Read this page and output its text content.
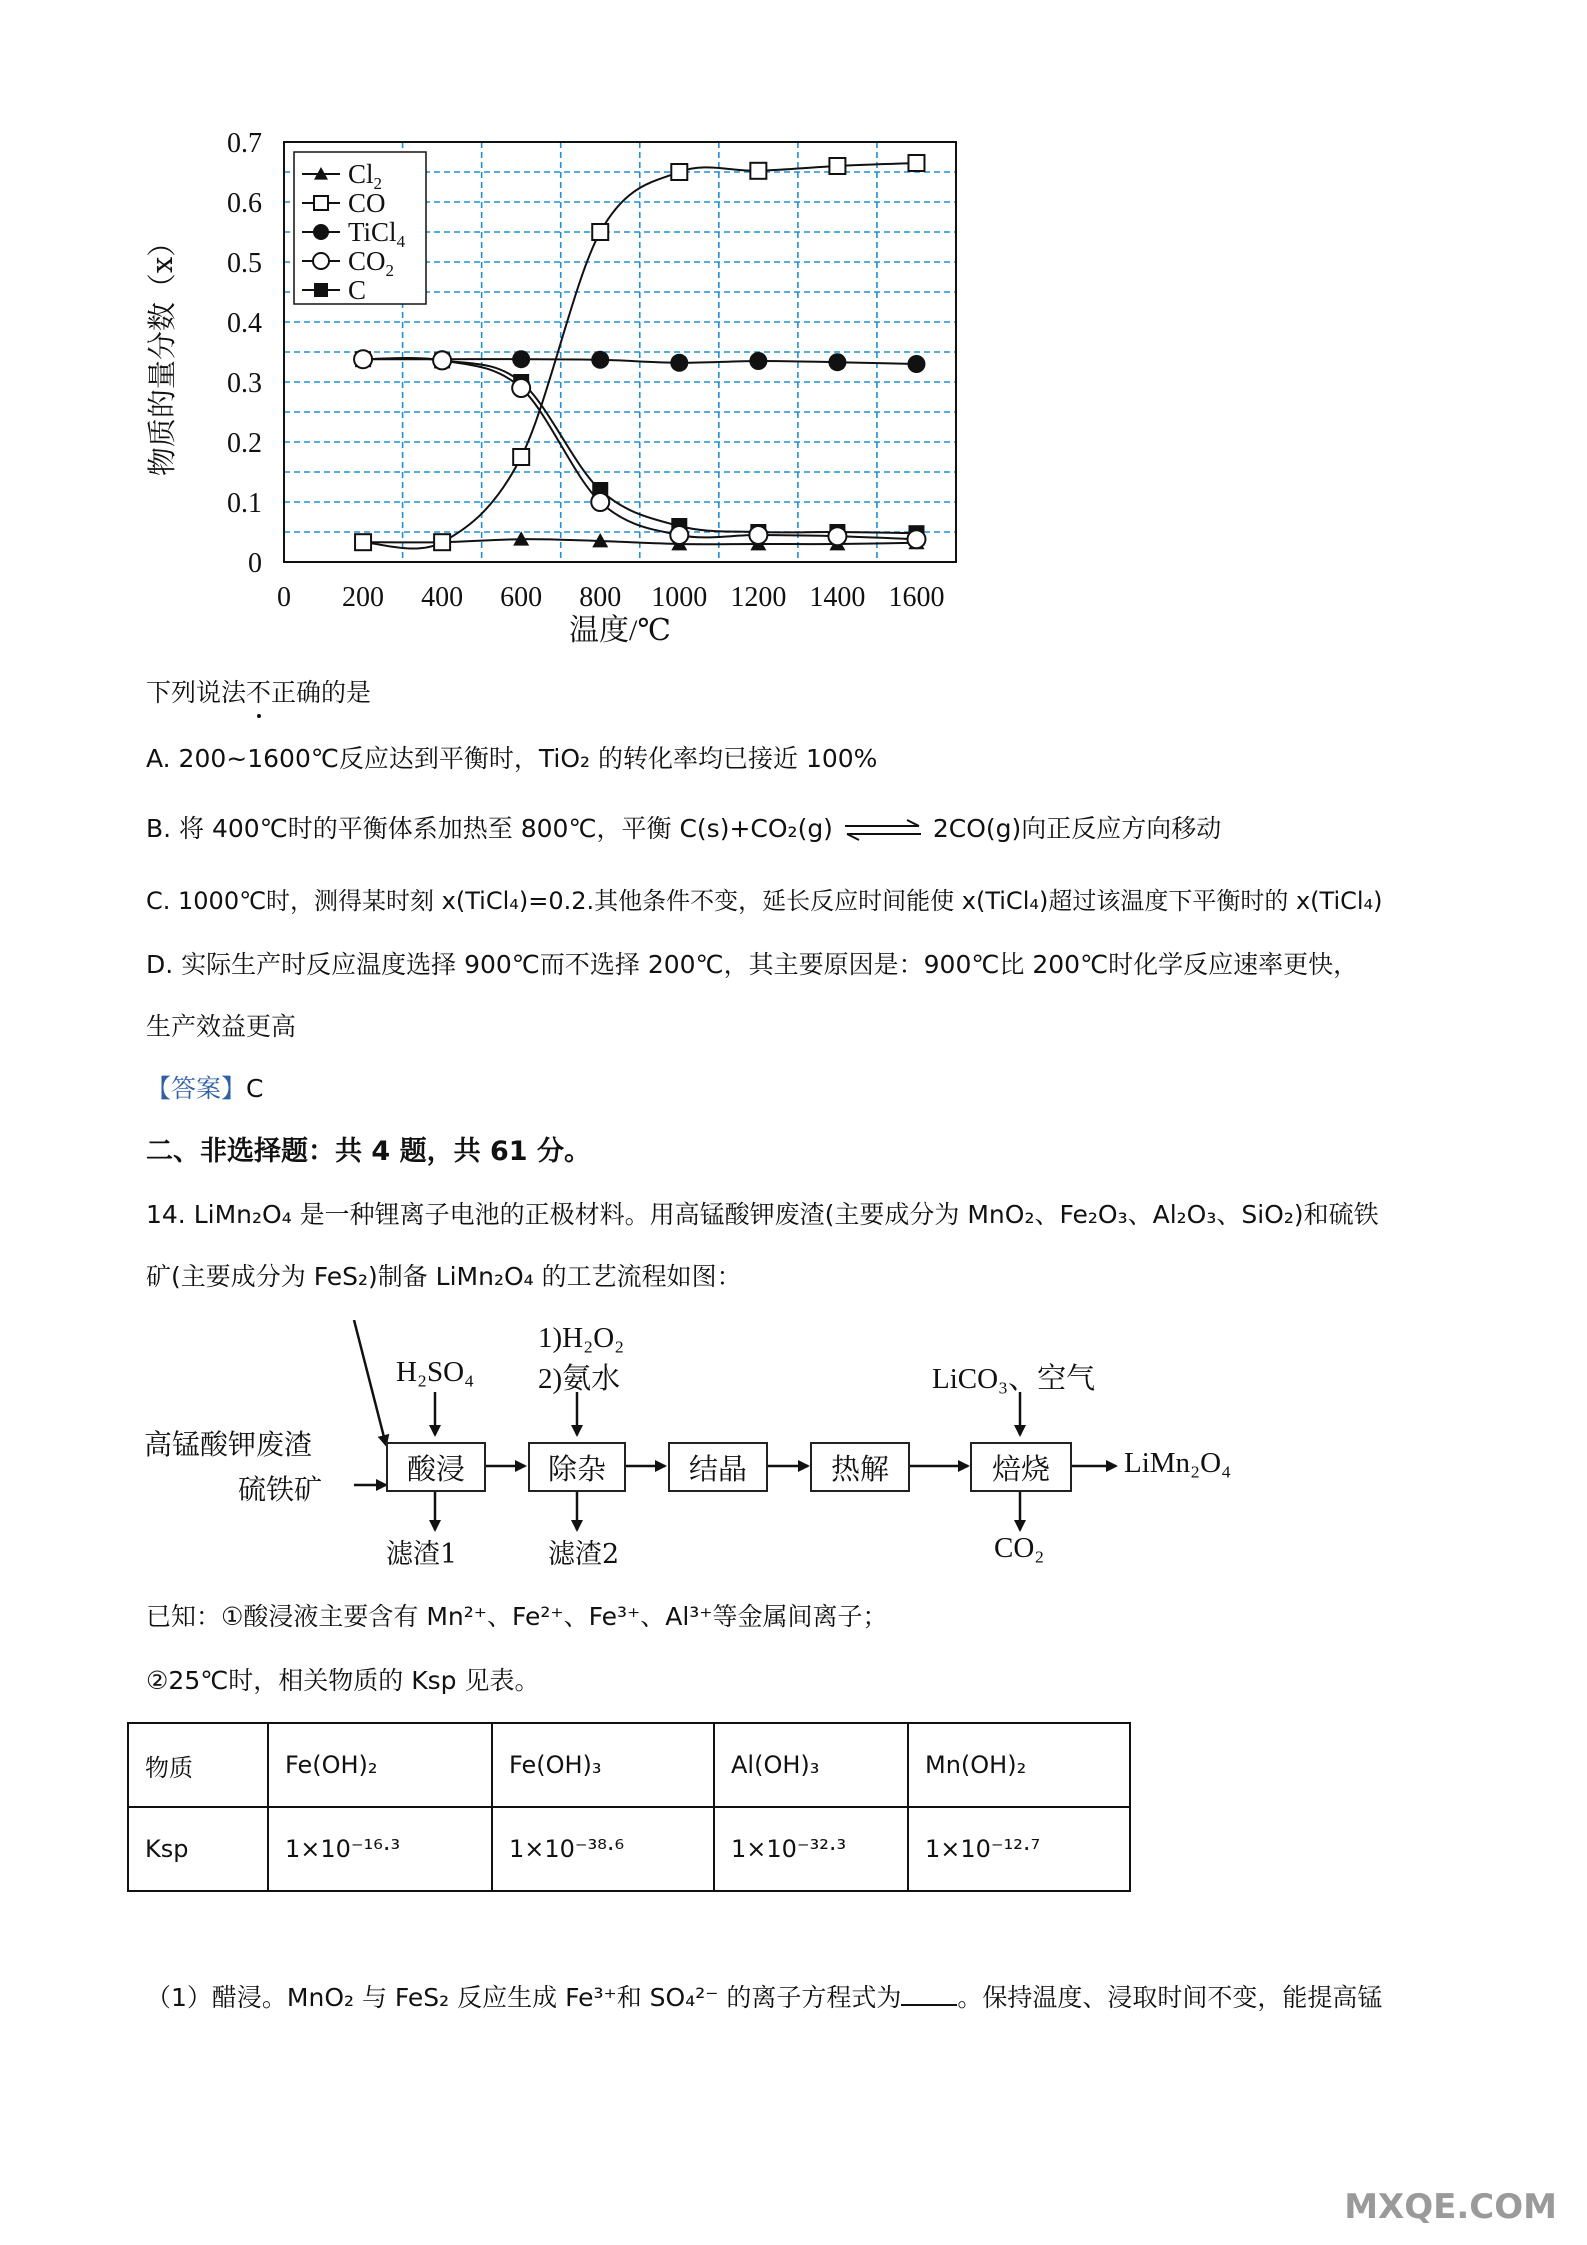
0 200 400 600 800 1000 1200 1400 1600
0
0.1
0.2
0.3
0.4
0.5
0.6
0.7
$Cl_2$
CO
TiCl$_4$
$CO_2$
C
温度/℃
物质的量分数（x）
下列说法不正确的是
A. 200~1600℃反应达到平衡时，TiO₂ 的转化率均已接近 100%
B. 将 400℃时的平衡体系加热至 800℃，平衡 C(s)+CO₂(g) ⇌ 2CO(g)向正反应方向移动
C. 1000℃时，测得某时刻 x(TiCl₄)=0.2.其他条件不变，延长反应时间能使 x(TiCl₄)超过该温度下平衡时的 x(TiCl₄)
D. 实际生产时反应温度选择 900℃而不选择 200℃，其主要原因是：900℃比 200℃时化学反应速率更快，
生产效益更高
【答案】C
二、非选择题：共 4 题，共 61 分。
14. LiMn₂O₄ 是一种锂离子电池的正极材料。用高锰酸钾废渣(主要成分为 MnO₂、Fe₂O₃、Al₂O₃、SiO₂)和硫铁
矿(主要成分为 FeS₂)制备 LiMn₂O₄ 的工艺流程如图：
高锰酸钾废渣
硫铁矿
H₂SO₄
1)H₂O₂
2)氨水	LiCO₃、空气
酸浸	除杂	结晶	热解	焙烧
滤渣1	滤渣2	CO₂
LiMn₂O₄
已知：①酸浸液主要含有 Mn²⁺、Fe²⁺、Fe³⁺、Al³⁺等金属间离子；
②25℃时，相关物质的 Ksp 见表。
物质	Fe(OH)₂	Fe(OH)₃	Al(OH)₃	Mn(OH)₂
Ksp	1×10⁻¹⁶·³	1×10⁻³⁸·⁶	1×10⁻³²·³	1×10⁻¹²·⁷
（1）醋浸。MnO₂ 与 FeS₂ 反应生成 Fe³⁺和 SO₄²⁻ 的离子方程式为 。保持温度、浸取时间不变，能提高锰
MXQE.COM
